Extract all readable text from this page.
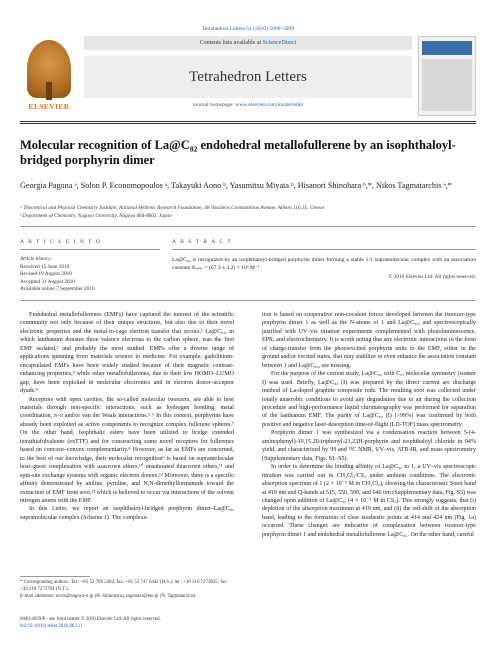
Tetrahedron Letters 51 (2010) 5896–5899
ELSEVIER
Contents lists available at ScienceDirect
Tetrahedron Letters
journal homepage: www.elsevier.com/locate/tetlet
Molecular recognition of La@C₈₂ endohedral metallofullerene by an isophthaloyl-bridged porphyrin dimer
Georgia Pagona ᵃ, Solon P. Economopoulos ᵃ, Takayuki Aono ᵇ, Yasumitsu Miyata ᵇ, Hisanori Shinohara ᵇ,*, Nikos Tagmatarchis ᵃ,*
ᵃ Theoretical and Physical Chemistry Institute, National Hellenic Research Foundation, 48 Vassileos Constantinou Avenue, Athens 116 35, Greece
ᵇ Department of Chemistry, Nagoya University, Nagoya 464-8602, Japan
A R T I C L E I N F O	A B S T R A C T
Article history:
Received 15 June 2010
Revised 19 August 2010
Accepted 31 August 2010
Available online 7 September 2010
La@C₈₂ is recognized by an isophthaloyl-bridged porphyrin dimer forming a stable 1:1 supramolecular complex with an association constant Kₐₛₛₒ = (67.3 ± 3.2) × 10³ M⁻¹.
© 2010 Elsevier Ltd. All rights reserved.

Endohedral metallofullerenes (EMFs) have captured the interest of the scientific community not only because of their unique structures, but also due to their novel electronic properties and the metal-to-cage electron transfer that occurs.¹ La@C₈₂, in which lanthanum donates three valence electrons to the carbon sphere, was the first EMF isolated,² and probably the most studied. EMFs offer a diverse range of applications spanning from materials science to medicine. For example, gadolinium-encapsulated EMFs have been widely studied because of their magnetic contrast-enhancing properties,³ while other metallofullerenes, due to their low HOMO–LUMO gap, have been exploited in molecular electronics and in electron donor–acceptor dyads.⁴

Receptors with open cavities, the so-called molecular tweezers, are able to host materials through non-specific interactions, such as hydrogen bonding, metal coordination, π–π and/or van der Waals interactions.⁵˒⁶ In this context, porphyrins have already been exploited as active components to recognize complex fullerene spheres.⁷ On the other hand, isophthalic esters have been utilized to bridge extended tetrathiafulvalenes (exTTF) and for constructing some novel receptors for fullerenes based on concave–convex complementarity.⁸ However, as far as EMFs are concerned, to the best of our knowledge, their molecular recognition⁹ is based on supramolecular host–guest complexation with azacrown ethers,¹⁰ unsaturated thiacrown ethers,¹¹ and spin-site exchange systems with organic electron donors.¹² Moreover, there is a specific affinity demonstrated by aniline, pyridine, and N,N-dimethylformamide toward the extraction of EMF from soot,¹³ which is believed to occur via interactions of the solvent nitrogen atoms with the EMF.

In this Letter, we report an isophthaloyl-bridged porphyrin dimer–La@C₈₂ supramolecular complex (Scheme 1). The complexa-

tion is based on cooperative non-covalent forces developed between the tweezer-type porphyrin dimer 1 as well as the N-atoms of 1 and La@C₈₂, and spectroscopically justified with UV–vis titration experiments complemented with photoluminescence, EPR, and electrochemistry. It is worth noting that any electronic interactions in the form of charge-transfer from the photoexcited porphyrin units to the EMF, either in the ground and/or excited states, that may stabilize or even enhance the association constant between 1 and La@C₈₂, are missing.

For the purpose of the current study, La@C₈₂ with C₂ᵥ molecular symmetry (isomer I) was used. Briefly, La@C₈₂ (I) was prepared by the direct current arc discharge method of La-doped graphite composite rods. The resulting soot was collected under totally anaerobic conditions to avoid any degradation due to air during the collection procedure and high-performance liquid chromatography was performed for separation of the lanthanum EMF. The purity of La@C₈₂ (I) (>99%) was confirmed by both positive and negative laser-desorption time-of-flight (LD-TOF) mass spectrometry.

Porphyrin dimer 1 was synthesized via a condensation reaction between 5-(4-aminophenyl)-10,15,20-triphenyl-21,23H-porphyrin and isophthaloyl chloride in 94% yield, and characterized by ¹H and ¹³C NMR, UV–vis, ATR-IR, and mass spectrometry (Supplementary data, Figs. S1–S5).

In order to determine the binding affinity of La@C₈₂ to 1, a UV–vis spectroscopic titration was carried out in CH₂Cl₂/CS₂ under ambient conditions. The electronic absorption spectrum of 1 (2 × 10⁻⁶ M in CH₂Cl₂), showing the characteristic Soret band at 419 nm and Q-bands at 515, 550, 590, and 646 nm (Supplementary data, Fig. S3) was changed upon addition of La@C₈₂ (4 × 10⁻⁵ M in CS₂). This strongly suggests, that (i) depletion of the absorption maximum at 419 nm, and (ii) the red-shift of the absorption band, leading to the formation of clear isosbestic points at 414 and 424 nm (Fig. 1a) occurred. These changes are indicative of complexation between tweezer-type porphyrin dimer 1 and endohedral metallofullerene La@C₈₂. On the other hand, careful

* Corresponding authors. Tel.: +81 52 789 2482; fax: +81 52 747 6442 (H.S.); tel.: +30 210 7273835; fax: +30 210 7273794 (N.T.).
E-mail addresses: noris@nagoya-u.jp (H. Shinohara), tagmatar@eie.gr (N. Tagmatarchis).
0040-4039/$ - see front matter © 2010 Elsevier Ltd. All rights reserved.
doi:10.1016/j.tetlet.2010.08.111
